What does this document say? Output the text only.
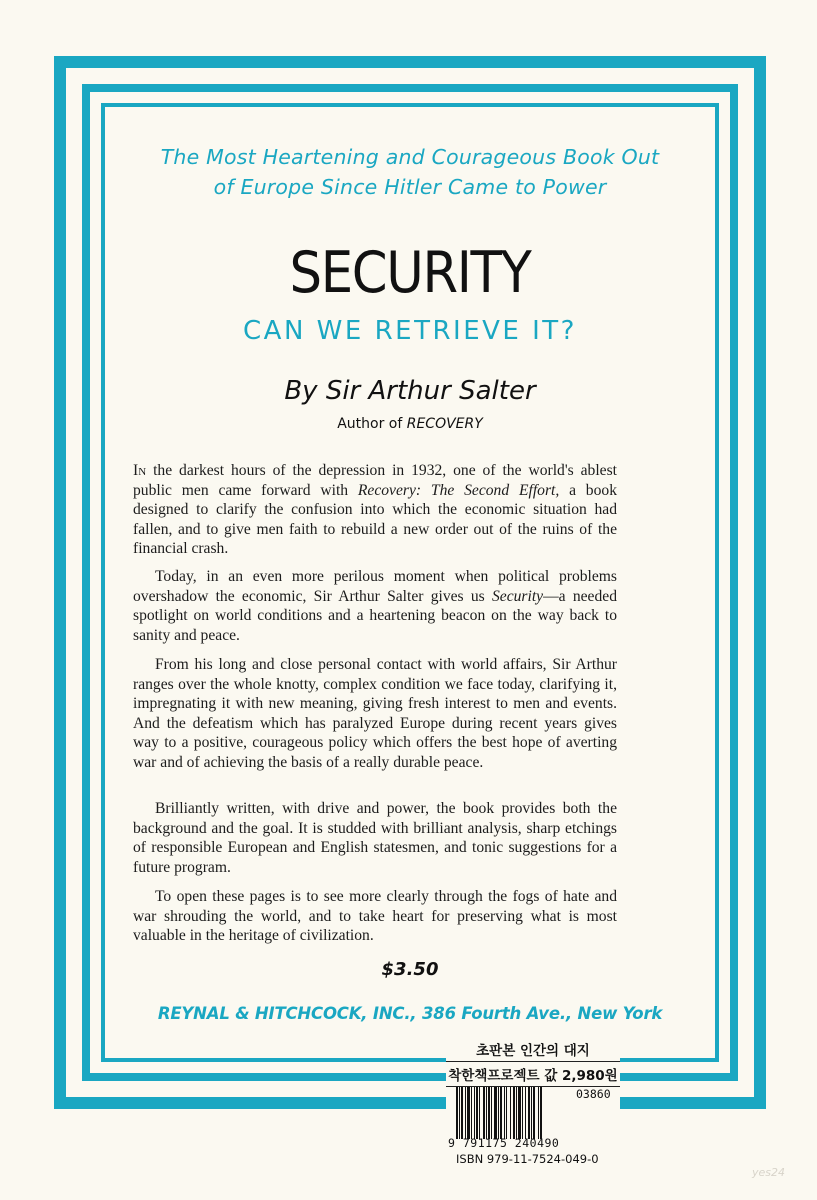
The Most Heartening and Courageous Book Out
of Europe Since Hitler Came to Power
SECURITY
CAN WE RETRIEVE IT?
By Sir Arthur Salter
Author of RECOVERY

In the darkest hours of the depression in 1932, one of the world's ablest public men came forward with Recovery: The Second Effort, a book designed to clarify the confusion into which the economic situation had fallen, and to give men faith to rebuild a new order out of the ruins of the financial crash.

Today, in an even more perilous moment when political problems overshadow the economic, Sir Arthur Salter gives us Security—a needed spotlight on world conditions and a heartening beacon on the way back to sanity and peace.

From his long and close personal contact with world affairs, Sir Arthur ranges over the whole knotty, complex condition we face today, clarifying it, impregnating it with new meaning, giving fresh interest to men and events. And the defeatism which has paralyzed Europe during recent years gives way to a positive, courageous policy which offers the best hope of averting war and of achieving the basis of a really durable peace.

Brilliantly written, with drive and power, the book provides both the background and the goal. It is studded with brilliant analysis, sharp etchings of responsible European and English statesmen, and tonic suggestions for a future program.

To open these pages is to see more clearly through the fogs of hate and war shrouding the world, and to take heart for preserving what is most valuable in the heritage of civilization.

$3.50
REYNAL & HITCHCOCK, INC., 386 Fourth Ave., New York
초판본 인간의 대지
착한책프로젝트 값 2,980원
03860
9 791175 240490
ISBN 979-11-7524-049-0
yes24
